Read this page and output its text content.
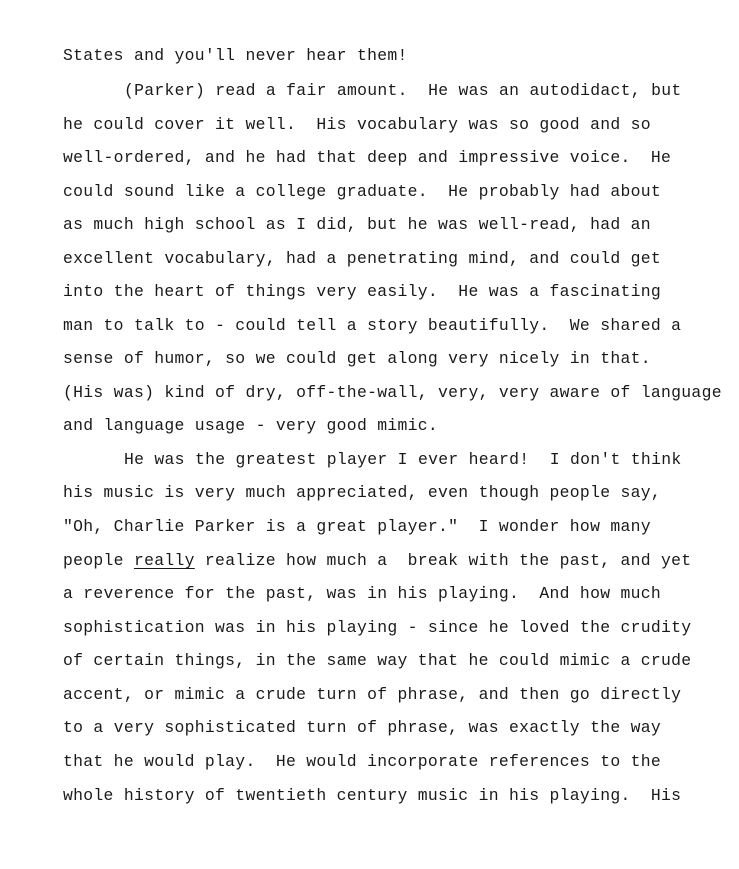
States and you'll never hear them!
(Parker) read a fair amount.  He was an autodidact, but
he could cover it well.  His vocabulary was so good and so
well-ordered, and he had that deep and impressive voice.  He
could sound like a college graduate.  He probably had about
as much high school as I did, but he was well-read, had an
excellent vocabulary, had a penetrating mind, and could get
into the heart of things very easily.  He was a fascinating
man to talk to - could tell a story beautifully.  We shared a
sense of humor, so we could get along very nicely in that.
(His was) kind of dry, off-the-wall, very, very aware of language
and language usage - very good mimic.
He was the greatest player I ever heard!  I don't think
his music is very much appreciated, even though people say,
"Oh, Charlie Parker is a great player."  I wonder how many
people really realize how much a  break with the past, and yet
a reverence for the past, was in his playing.  And how much
sophistication was in his playing - since he loved the crudity
of certain things, in the same way that he could mimic a crude
accent, or mimic a crude turn of phrase, and then go directly
to a very sophisticated turn of phrase, was exactly the way
that he would play.  He would incorporate references to the
whole history of twentieth century music in his playing.  His
